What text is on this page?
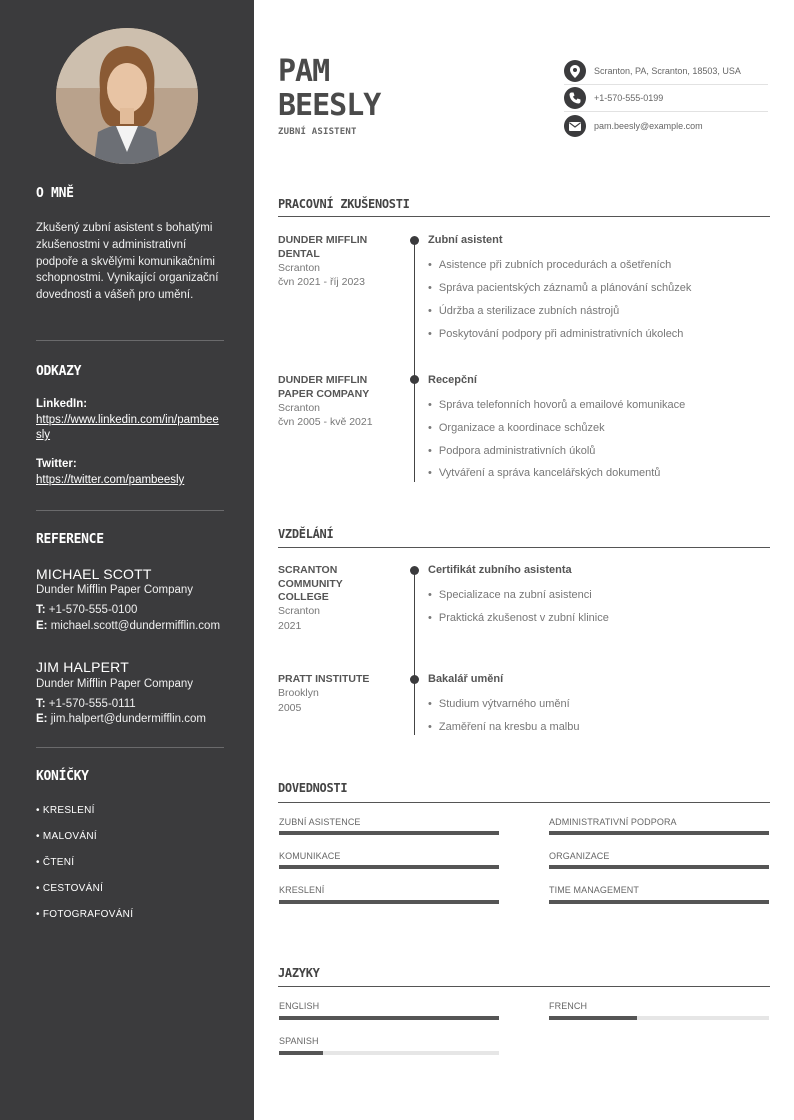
O MNĚ
Zkušený zubní asistent s bohatými zkušenostmi v administrativní podpoře a skvělými komunikačními schopnostmi. Vynikající organizační dovednosti a vášeň pro umění.
ODKAZY
LinkedIn:
https://www.linkedin.com/in/pambeesly
Twitter:
https://twitter.com/pambeesly
REFERENCE
MICHAEL SCOTT
Dunder Mifflin Paper Company
T: +1-570-555-0100
E: michael.scott@dundermifflin.com
JIM HALPERT
Dunder Mifflin Paper Company
T: +1-570-555-0111
E: jim.halpert@dundermifflin.com
KONÍČKY
• KRESLENÍ
• MALOVÁNÍ
• ČTENÍ
• CESTOVÁNÍ
• FOTOGRAFOVÁNÍ
PAM
BEESLY
ZUBNÍ ASISTENT
Scranton, PA, Scranton, 18503, USA
+1-570-555-0199
pam.beesly@example.com
PRACOVNÍ ZKUŠENOSTI
DUNDER MIFFLIN DENTAL
Scranton
čvn 2021 - říj 2023
Zubní asistent
• Asistence při zubních procedurách a ošetřeních
• Správa pacientských záznamů a plánování schůzek
• Údržba a sterilizace zubních nástrojů
• Poskytování podpory při administrativních úkolech
DUNDER MIFFLIN PAPER COMPANY
Scranton
čvn 2005 - kvě 2021
Recepční
• Správa telefonních hovorů a emailové komunikace
• Organizace a koordinace schůzek
• Podpora administrativních úkolů
• Vytváření a správa kancelářských dokumentů
VZDĚLÁNÍ
SCRANTON COMMUNITY COLLEGE
Scranton
2021
Certifikát zubního asistenta
• Specializace na zubní asistenci
• Praktická zkušenost v zubní klinice
PRATT INSTITUTE
Brooklyn
2005
Bakalář umění
• Studium výtvarného umění
• Zaměření na kresbu a malbu
DOVEDNOSTI
ZUBNÍ ASISTENCE	ADMINISTRATIVNÍ PODPORA
KOMUNIKACE	ORGANIZACE
KRESLENÍ	TIME MANAGEMENT
JAZYKY
ENGLISH	FRENCH
SPANISH
